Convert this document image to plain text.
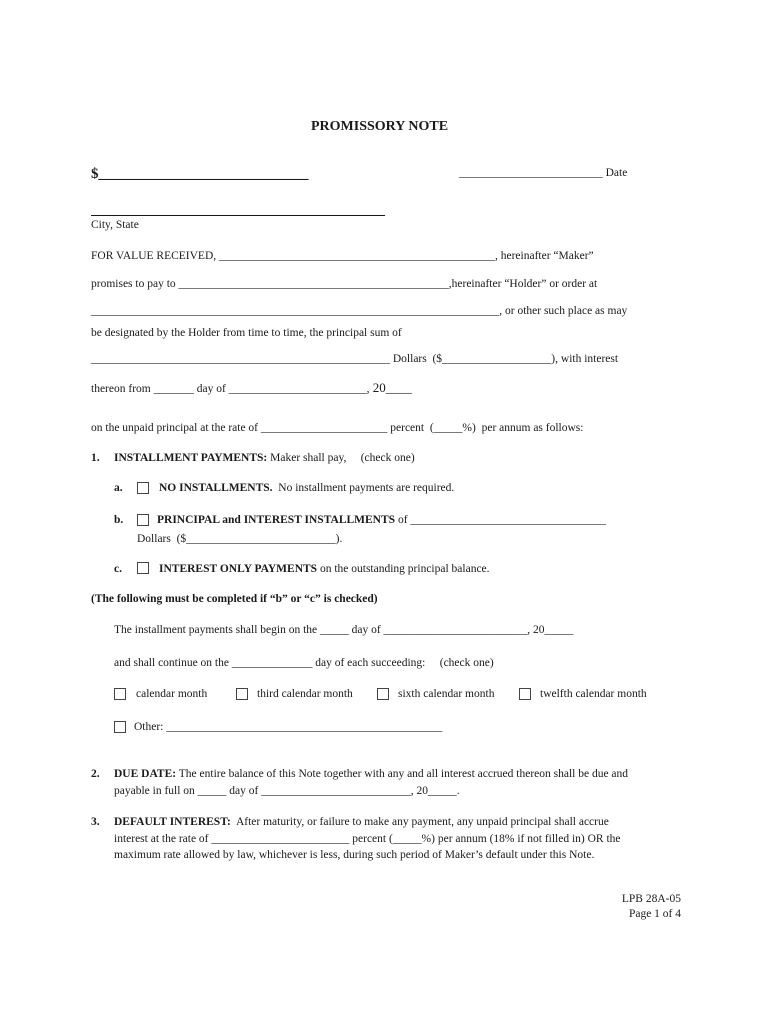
PROMISSORY NOTE
$____________________________	_________________________ Date
City, State
FOR VALUE RECEIVED, ________________________________________________, hereinafter “Maker”
promises to pay to _______________________________________________,hereinafter “Holder” or order at
_______________________________________________________________________, or other such place as may
be designated by the Holder from time to time, the principal sum of
____________________________________________________ Dollars  ($___________________), with interest
thereon from _______ day of ________________________, 20____
on the unpaid principal at the rate of ______________________ percent  (_____%)  per annum as follows:
1. INSTALLMENT PAYMENTS: Maker shall pay,     (check one)
a.	NO INSTALLMENTS.  No installment payments are required.
b.	PRINCIPAL and INTEREST INSTALLMENTS of __________________________________
Dollars  ($__________________________).
c.	INTEREST ONLY PAYMENTS on the outstanding principal balance.
(The following must be completed if “b” or “c” is checked)
The installment payments shall begin on the _____ day of _________________________, 20_____
and shall continue on the ______________ day of each succeeding:     (check one)
calendar month	third calendar month	sixth calendar month	twelfth calendar month
Other: ________________________________________________
2. DUE DATE: The entire balance of this Note together with any and all interest accrued thereon shall be due and
payable in full on _____ day of __________________________, 20_____.
3. DEFAULT INTEREST:  After maturity, or failure to make any payment, any unpaid principal shall accrue
interest at the rate of ________________________ percent (_____%) per annum (18% if not filled in) OR the
maximum rate allowed by law, whichever is less, during such period of Maker’s default under this Note.
LPB 28A-05
Page 1 of 4
